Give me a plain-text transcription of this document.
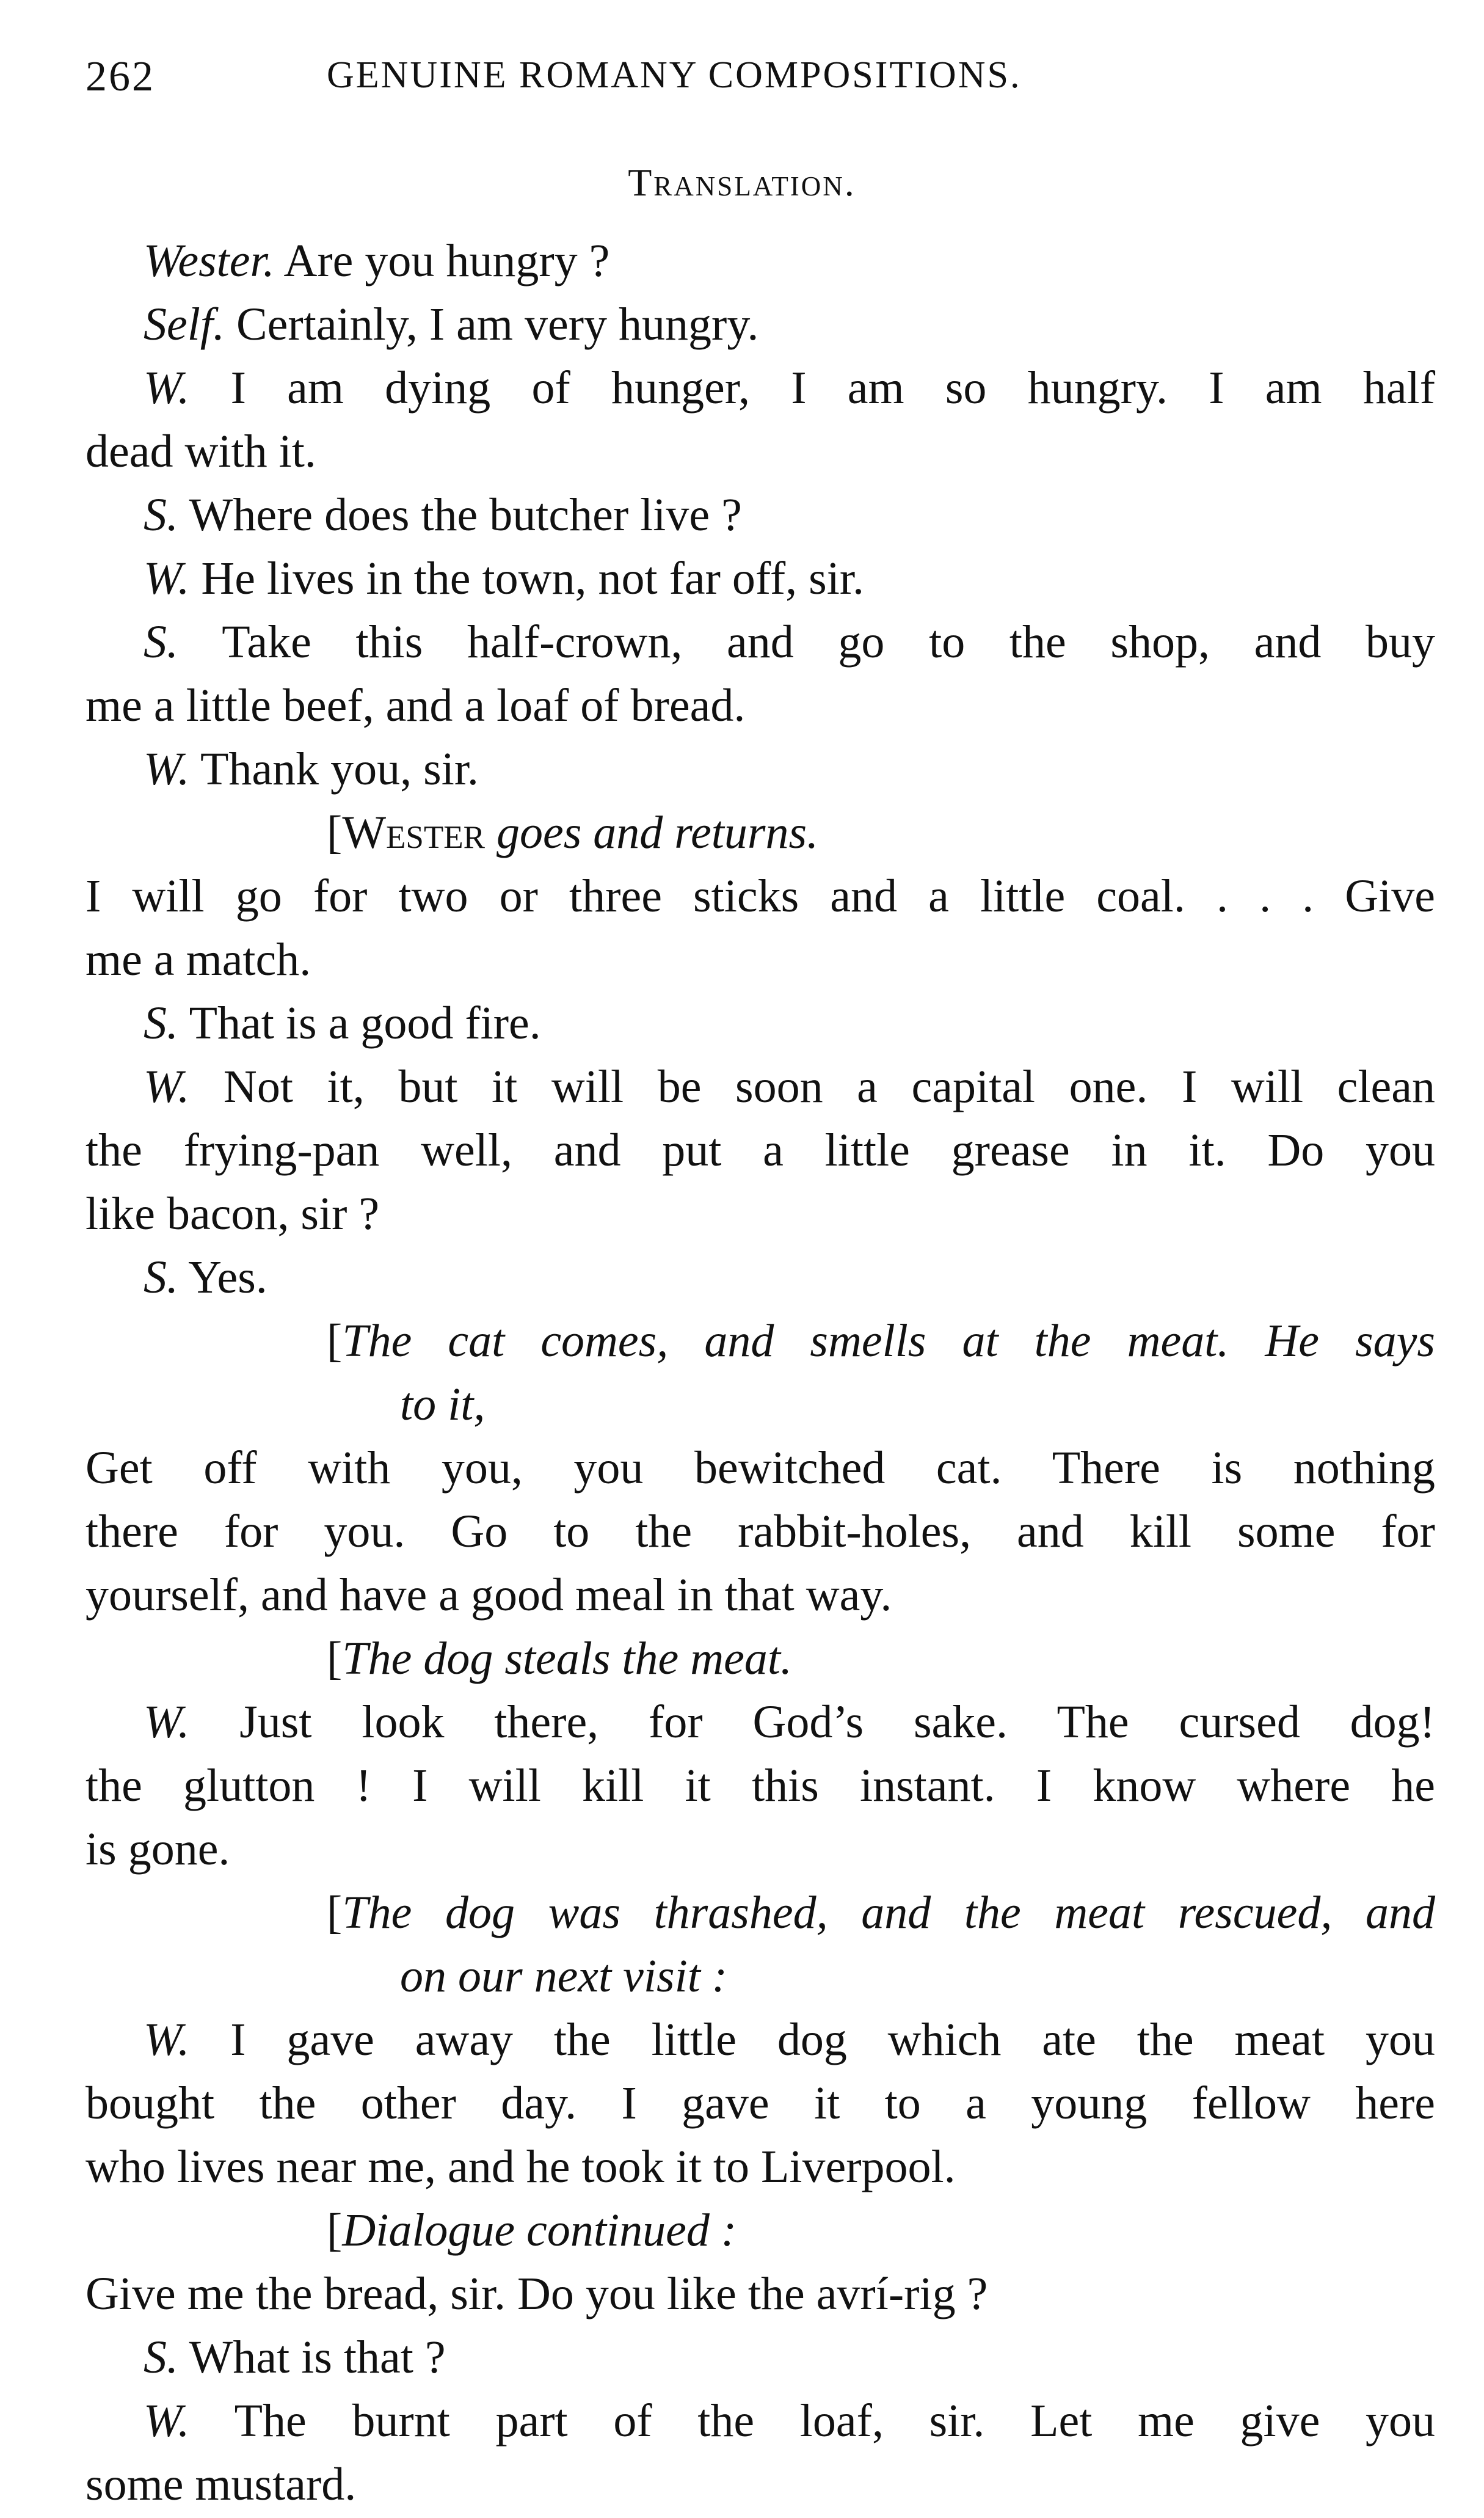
262	GENUINE ROMANY COMPOSITIONS.
Translation.
Wester. Are you hungry ?
Self. Certainly, I am very hungry.
W. I am dying of hunger, I am so hungry. I am half
dead with it.
S. Where does the butcher live ?
W. He lives in the town, not far off, sir.
S. Take this half-crown, and go to the shop, and buy
me a little beef, and a loaf of bread.
W. Thank you, sir.
[Wester goes and returns.
I will go for two or three sticks and a little coal. . . . Give
me a match.
S. That is a good fire.
W. Not it, but it will be soon a capital one. I will clean
the frying-pan well, and put a little grease in it. Do you
like bacon, sir ?
S. Yes.
[The cat comes, and smells at the meat. He says
to it,
Get off with you, you bewitched cat. There is nothing
there for you. Go to the rabbit-holes, and kill some for
yourself, and have a good meal in that way.
[The dog steals the meat.
W. Just look there, for God’s sake. The cursed dog!
the glutton ! I will kill it this instant. I know where he
is gone.
[The dog was thrashed, and the meat rescued, and
on our next visit :
W. I gave away the little dog which ate the meat you
bought the other day. I gave it to a young fellow here
who lives near me, and he took it to Liverpool.
[Dialogue continued :
Give me the bread, sir. Do you like the avrí-rig ?
S. What is that ?
W. The burnt part of the loaf, sir. Let me give you
some mustard.
